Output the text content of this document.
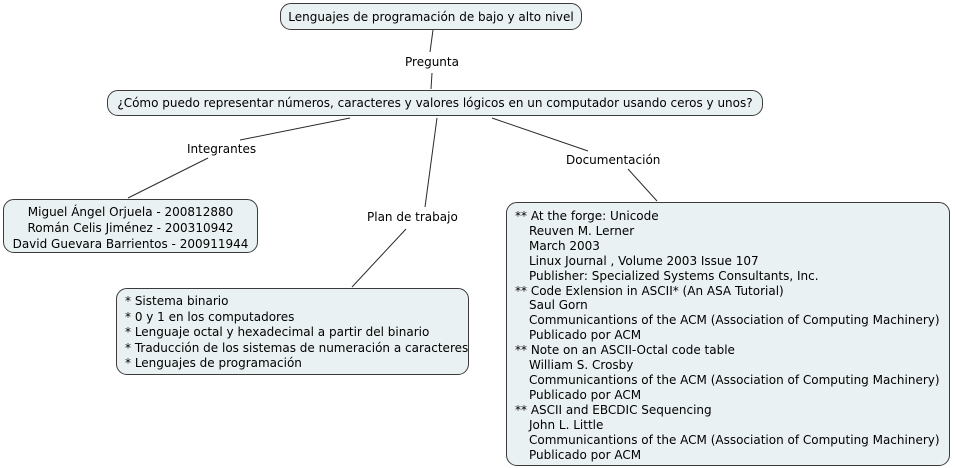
Lenguajes de programación de bajo y alto nivel
Pregunta
¿Cómo puedo representar números, caracteres y valores lógicos en un computador usando ceros y unos?
Integrantes
Plan de trabajo
Documentación
Miguel Ángel Orjuela - 200812880
Román Celis Jiménez - 200310942
David Guevara Barrientos - 200911944
* Sistema binario
* 0 y 1 en los computadores
* Lenguaje octal y hexadecimal a partir del binario
* Traducción de los sistemas de numeración a caracteres
* Lenguajes de programación
** At the forge: Unicode
Reuven M. Lerner
March 2003
Linux Journal , Volume 2003 Issue 107
Publisher: Specialized Systems Consultants, Inc.
** Code Exlension in ASCII* (An ASA Tutorial)
Saul Gorn
Communicantions of the ACM (Association of Computing Machinery)
Publicado por ACM
** Note on an ASCII-Octal code table
William S. Crosby
Communicantions of the ACM (Association of Computing Machinery)
Publicado por ACM
** ASCII and EBCDIC Sequencing
John L. Little
Communicantions of the ACM (Association of Computing Machinery)
Publicado por ACM
